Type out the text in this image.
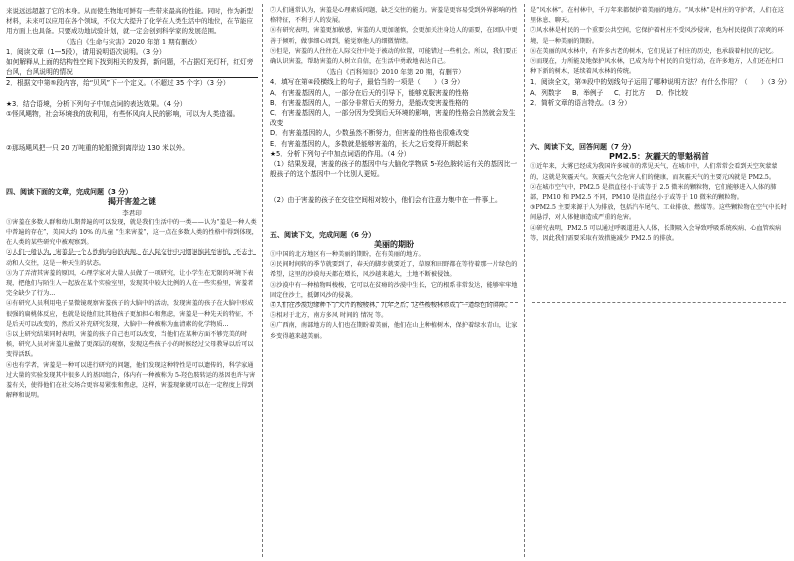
来说远远超越了它的本身。从而使生物地可鲜有一些带来最高的性能。同时，作为新型材料，未来可以应用在各个领域，不仅大大提升了化学在人类生活中的地位，在节能应用方面上也具备。只要成功地试验计划，就一定会创到科学家的发展范围。

（选自《生命与灾害》2020 年第 1 期有删改）

1．阅读文章（1—5段），请用说明语次说明。（3 分）

如何解释从上面的结构性空间下找到相关的发挥，新问题，不占据灯光灯杆，红灯旁台风，台风说明的情况

2．根据文中第⑤段内容，给“贝风”下一个定义。（不超过 35 个字）（3 分）

★3．结合语境，分析下列句子中加点词的表达效果。（4 分）

①怪风飓物，社会环境我的放利用，有些怀风向人民的影响，可以为人类造福。

②那场飓风把一只 20 万吨重的轮船掀到离岸边 130 米以外。

四、阅读下面的文章，完成问题（3 分）

揭开害羞之谜

李君印

①害羞在多数人群和幼儿期普遍的可以发现，就是我们生活中的一类——认为“羞是一种人类中普遍的存在”，美国大约 10% 的儿童 “生来害羞”，这一点在多数人类的性格中得到体现，在人类的某些研究中被观察到。

②人们一般认为，害羞是一个人性格内向的表现，在人际交往中习惯退缩甚至害怕，不去主动和人交往，这是一种天生的状态。

③为了弄清其害羞的原因，心理学家对大量人员做了一项研究，让小学生在无限的环境下表现，把他们与陌生人一起放在某个实验室里，发现其中较大比例的人在一些实验里，害羞者完全缺少了行为...

④有研究人员利用电子显微镜观察害羞孩子的大脑中的活动，发现害羞的孩子在大脑中形成很强的扁桃体反应，也就是说他们比其他孩子更加担心和焦虑，害羞是一种先天的特征，不是后天可以改变的，然后又补充研究发现，大脑中一种被称为血清素的化学物质...

⑤以上研究结果同时表明，害羞的孩子自己也可以改变，当他们在某种方面不够完美的时候，研究人员对害羞儿童做了更深层的观察，发现这些孩子小的时候经过父母教导以后可以变得活跃。

⑥也有学者，害羞是一种可以进行研究的问题，他们发现这种特性是可以遗传的，科学家通过大量的实验发现其中很多人的基因组合，体内有一种被称为 5-羟色胺转运的基因也许与害羞有关，使得他们在社交场合更容易紧张和焦虑，这样，害羞现象就可以在一定程度上得到解释和说明。

⑦人们通常认为，害羞是心理素质问题，缺乏交往的能力。害羞是更容易受到外界影响的性格特征，不利于人的发展。

⑧有研究表明，害羞更加敏感，害羞的人更加谨慎，会更加关注身边人的需要，在团队中更善于倾听，做事细心周到，能觉察他人的细微情绪。

⑨但是，害羞的人往往在人际交往中处于被动的位置，可能错过一些机会。所以，我们要正确认识害羞，帮助害羞的人树立自信，在生活中勇敢地表达自己。

（选自《百科知识》2010 年第 20 期，有删节）

4．填写在第④段横线上的句子，最恰当的一项是（　　）（3 分）

A．有害羞基因的人，一部分在后天的引导下，能够克服害羞的性格

B．有害羞基因的人，一部分非常后天的努力，是能改变害羞性格的

C．有害羞基因的人，一部分因为受到后天环境的影响，害羞的性格会自然就会发生改变

D．有害羞基因的人，少数虽然不断努力，但害羞的性格也很难改变

E．有害羞基因的人，多数就是能够害羞的，长大之后变得开朗起来

★5．分析下列句子中加点词语的作用。（4 分）

（1）结果发现，害羞的孩子的基因中与大脑化学物质 5-羟色胺转运有关的基因比一般孩子的这个基因中一个比别人更短。

（2）由于害羞的孩子在交往空间相对较小，他们会有注意力集中在一件事上。

五、阅读下文，完成问题（6 分）

美丽的期盼

①中国的北方地区有一种美丽的期盼，在有美丽的地方。

②民间时间转的季节就要到了，春天的脚步就要近了，草原和田野都在等待着那一片绿色的希望，这里的沙漠每天都在增长，风沙越来越大，土地不断被侵蚀。

③沙漠中有一种植物叫梭梭，它可以在贫瘠的沙漠中生长，它的根系非常发达，能够牢牢地固定住沙土，抵御风沙的侵袭。

④人们在沙漠边缘种下了大片的梭梭林，几年之后，这些梭梭林形成了一道绿色的屏障。

⑤相对于北方，南方多风 时间的 情况 等。

⑥广西南，南部地方的人们也在期盼着美丽，他们在山上种植树木，保护着绿水青山，让家乡变得越来越美丽。

是“风水林”。在村林中，千万年来都保护着美丽的地方。“风水林”是村庄的守护者，人们在这里休息、聊天。

⑦风水林是村民的一个重要公共空间，它保护着村庄不受风沙侵害，也为村民提供了凉爽的环境，是一种美丽的期盼。

⑧在美丽的风水林中，有许多古老的树木，它们见证了村庄的历史，也承载着村民的记忆。

⑨而现在，力所能及地保护风水林，已成为每个村民的自觉行动，在许多地方，人们还在村口种下新的树木，延续着风水林的传统。

1．阅读全文，第③段中的划线句子运用了哪种说明方法？有什么作用？（　　）（3 分）

A．列数字 B．举例子 C．打比方 D．作比较

2．简析文章的语言特点。（3 分）

六、阅读下文，回答问题（7 分）

PM2.5：灰霾天的罪魁祸首

①近年来，大雾已经成为我国许多城市的常见天气，在城市中，人们常常会看到天空灰蒙蒙的，这就是灰霾天气。灰霾天气会危害人们的健康，而灰霾天气的主要元凶就是 PM2.5。

②在城市空气中，PM2.5 是指直径小于或等于 2.5 微米的颗粒物，它们能够进入人体的肺部，PM10 和 PM2.5 不同，PM10 是指直径小于或等于 10 微米的颗粒物。

③PM2.5 主要来源于人为排放，包括汽车尾气、工业排放、燃煤等。这些颗粒物在空气中长时间悬浮，对人体健康造成严重的危害。

④研究表明，PM2.5 可以通过呼吸道进入人体，长期吸入会导致呼吸系统疾病、心血管疾病等，因此我们需要采取有效措施减少 PM2.5 的排放。
